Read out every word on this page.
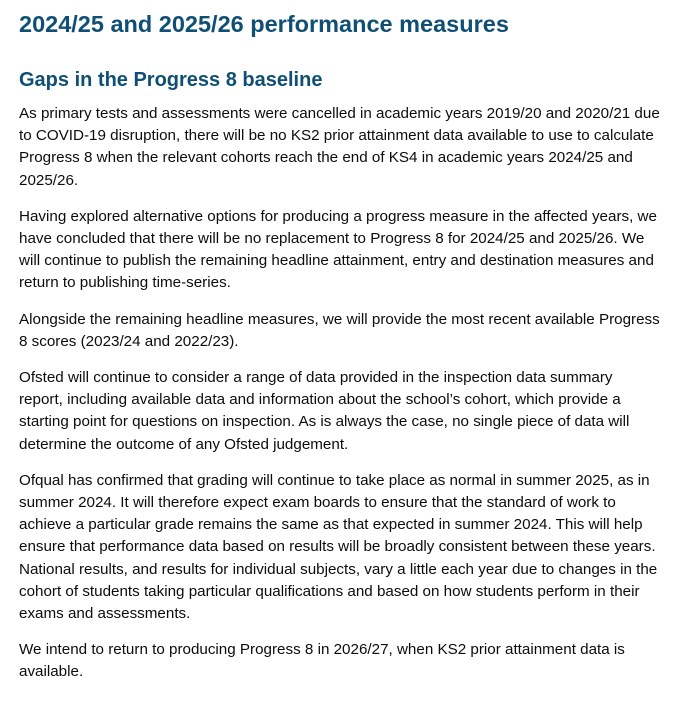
2024/25 and 2025/26 performance measures
Gaps in the Progress 8 baseline

As primary tests and assessments were cancelled in academic years 2019/20 and 2020/21 due to COVID-19 disruption, there will be no KS2 prior attainment data available to use to calculate Progress 8 when the relevant cohorts reach the end of KS4 in academic years 2024/25 and 2025/26.

Having explored alternative options for producing a progress measure in the affected years, we have concluded that there will be no replacement to Progress 8 for 2024/25 and 2025/26. We will continue to publish the remaining headline attainment, entry and destination measures and return to publishing time-series.

Alongside the remaining headline measures, we will provide the most recent available Progress 8 scores (2023/24 and 2022/23).

Ofsted will continue to consider a range of data provided in the inspection data summary report, including available data and information about the school’s cohort, which provide a starting point for questions on inspection. As is always the case, no single piece of data will determine the outcome of any Ofsted judgement.

Ofqual has confirmed that grading will continue to take place as normal in summer 2025, as in summer 2024. It will therefore expect exam boards to ensure that the standard of work to achieve a particular grade remains the same as that expected in summer 2024. This will help ensure that performance data based on results will be broadly consistent between these years. National results, and results for individual subjects, vary a little each year due to changes in the cohort of students taking particular qualifications and based on how students perform in their exams and assessments.

We intend to return to producing Progress 8 in 2026/27, when KS2 prior attainment data is available.
